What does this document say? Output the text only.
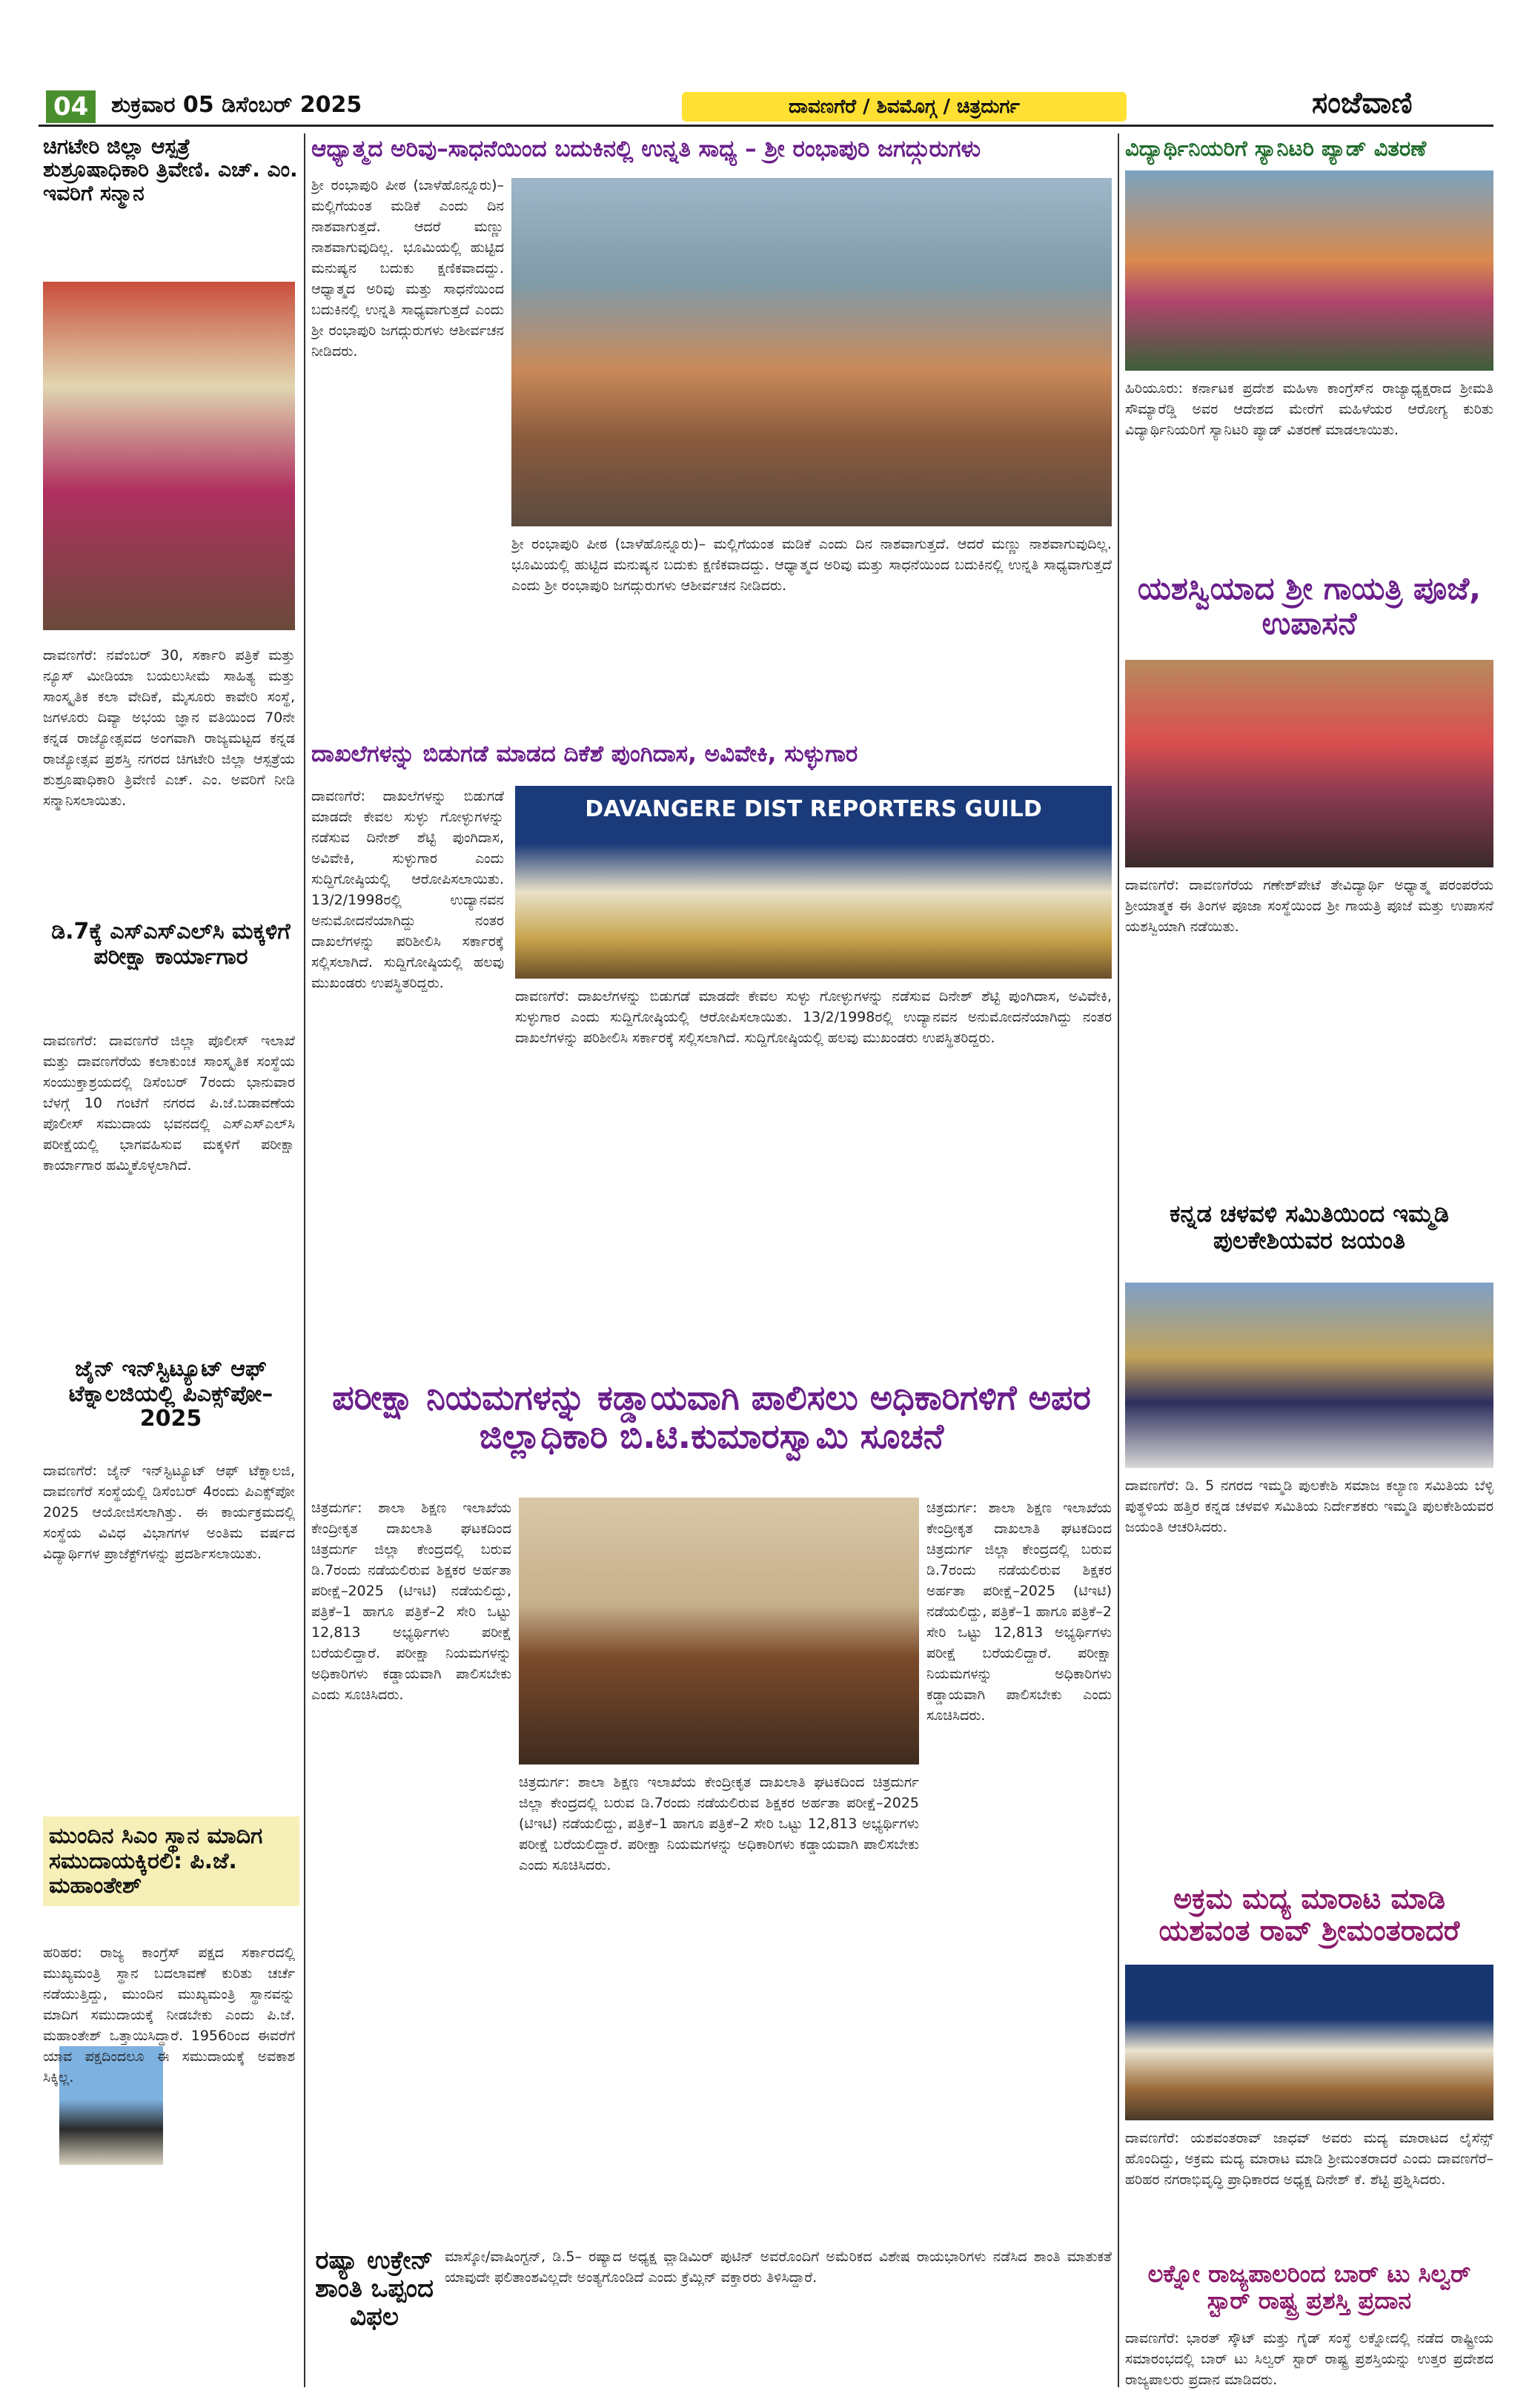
04	ಶುಕ್ರವಾರ 05 ಡಿಸೆಂಬರ್ 2025	ದಾವಣಗೆರೆ / ಶಿವಮೊಗ್ಗ / ಚಿತ್ರದುರ್ಗ	ಸಂಜೆವಾಣಿ
ಚಿಗಟೇರಿ ಜಿಲ್ಲಾ ಆಸ್ಪತ್ರೆ ಶುಶ್ರೂಷಾಧಿಕಾರಿ ತ್ರಿವೇಣಿ. ಎಚ್. ಎಂ. ಇವರಿಗೆ ಸನ್ಮಾನ
ದಾವಣಗೆರೆ: ನವೆಂಬರ್ 30, ಸರ್ಕಾರಿ ಪತ್ರಿಕೆ ಮತ್ತು ನ್ಯೂಸ್ ಮೀಡಿಯಾ ಬಯಲುಸೀಮೆ ಸಾಹಿತ್ಯ ಮತ್ತು ಸಾಂಸ್ಕೃತಿಕ ಕಲಾ ವೇದಿಕೆ, ಮೈಸೂರು ಕಾವೇರಿ ಸಂಸ್ಥೆ, ಜಗಳೂರು ದಿವ್ಯಾ ಅಭಯ ಜ್ಞಾನ ವತಿಯಿಂದ 70ನೇ ಕನ್ನಡ ರಾಜ್ಯೋತ್ಸವದ ಅಂಗವಾಗಿ ರಾಜ್ಯಮಟ್ಟದ ಕನ್ನಡ ರಾಜ್ಯೋತ್ಸವ ಪ್ರಶಸ್ತಿ ನಗರದ ಚಿಗಟೇರಿ ಜಿಲ್ಲಾ ಆಸ್ಪತ್ರೆಯ ಶುಶ್ರೂಷಾಧಿಕಾರಿ ತ್ರಿವೇಣಿ ಎಚ್. ಎಂ. ಅವರಿಗೆ ನೀಡಿ ಸನ್ಮಾನಿಸಲಾಯಿತು.
ಡಿ.7ಕ್ಕೆ ಎಸ್‌ಎಸ್‌ಎಲ್‌ಸಿ ಮಕ್ಕಳಿಗೆ ಪರೀಕ್ಷಾ ಕಾರ್ಯಾಗಾರ
ದಾವಣಗೆರೆ: ದಾವಣಗೆರೆ ಜಿಲ್ಲಾ ಪೊಲೀಸ್ ಇಲಾಖೆ ಮತ್ತು ದಾವಣಗೆರೆಯ ಕಲಾಕುಂಚ ಸಾಂಸ್ಕೃತಿಕ ಸಂಸ್ಥೆಯ ಸಂಯುಕ್ತಾಶ್ರಯದಲ್ಲಿ ಡಿಸೆಂಬರ್ 7ರಂದು ಭಾನುವಾರ ಬೆಳಗ್ಗೆ 10 ಗಂಟೆಗೆ ನಗರದ ಪಿ.ಜೆ.ಬಡಾವಣೆಯ ಪೊಲೀಸ್ ಸಮುದಾಯ ಭವನದಲ್ಲಿ ಎಸ್‌ಎಸ್‌ಎಲ್‌ಸಿ ಪರೀಕ್ಷೆಯಲ್ಲಿ ಭಾಗವಹಿಸುವ ಮಕ್ಕಳಿಗೆ ಪರೀಕ್ಷಾ ಕಾರ್ಯಾಗಾರ ಹಮ್ಮಿಕೊಳ್ಳಲಾಗಿದೆ.
ಜೈನ್ ಇನ್‌ಸ್ಟಿಟ್ಯೂಟ್ ಆಫ್ ಟೆಕ್ನಾಲಜಿಯಲ್ಲಿ ಪಿಎಕ್ಸ್‌ಪೋ–2025
ದಾವಣಗೆರೆ: ಜೈನ್ ಇನ್‌ಸ್ಟಿಟ್ಯೂಟ್ ಆಫ್ ಟೆಕ್ನಾಲಜಿ, ದಾವಣಗೆರೆ ಸಂಸ್ಥೆಯಲ್ಲಿ ಡಿಸೆಂಬರ್ 4ರಂದು ಪಿಎಕ್ಸ್‌ಪೋ 2025 ಆಯೋಜಿಸಲಾಗಿತ್ತು. ಈ ಕಾರ್ಯಕ್ರಮದಲ್ಲಿ ಸಂಸ್ಥೆಯ ವಿವಿಧ ವಿಭಾಗಗಳ ಅಂತಿಮ ವರ್ಷದ ವಿದ್ಯಾರ್ಥಿಗಳ ಪ್ರಾಜೆಕ್ಟ್‌ಗಳನ್ನು ಪ್ರದರ್ಶಿಸಲಾಯಿತು.
ಮುಂದಿನ ಸಿಎಂ ಸ್ಥಾನ ಮಾದಿಗ ಸಮುದಾಯಕ್ಕಿರಲಿ: ಪಿ.ಜೆ. ಮಹಾಂತೇಶ್
ಹರಿಹರ: ರಾಜ್ಯ ಕಾಂಗ್ರೆಸ್ ಪಕ್ಷದ ಸರ್ಕಾರದಲ್ಲಿ ಮುಖ್ಯಮಂತ್ರಿ ಸ್ಥಾನ ಬದಲಾವಣೆ ಕುರಿತು ಚರ್ಚೆ ನಡೆಯುತ್ತಿದ್ದು, ಮುಂದಿನ ಮುಖ್ಯಮಂತ್ರಿ ಸ್ಥಾನವನ್ನು ಮಾದಿಗ ಸಮುದಾಯಕ್ಕೆ ನೀಡಬೇಕು ಎಂದು ಪಿ.ಜೆ. ಮಹಾಂತೇಶ್ ಒತ್ತಾಯಿಸಿದ್ದಾರೆ. 1956ರಿಂದ ಈವರೆಗೆ ಯಾವ ಪಕ್ಷದಿಂದಲೂ ಈ ಸಮುದಾಯಕ್ಕೆ ಅವಕಾಶ ಸಿಕ್ಕಿಲ್ಲ.
ಆಧ್ಯಾತ್ಮದ ಅರಿವು–ಸಾಧನೆಯಿಂದ ಬದುಕಿನಲ್ಲಿ ಉನ್ನತಿ ಸಾಧ್ಯ – ಶ್ರೀ ರಂಭಾಪುರಿ ಜಗದ್ಗುರುಗಳು
ಶ್ರೀ ರಂಭಾಪುರಿ ಪೀಠ (ಬಾಳೆಹೊನ್ನೂರು)– ಮಲ್ಲಿಗೆಯಂತ ಮಡಿಕೆ ಎಂದು ದಿನ ನಾಶವಾಗುತ್ತದೆ. ಆದರೆ ಮಣ್ಣು ನಾಶವಾಗುವುದಿಲ್ಲ. ಭೂಮಿಯಲ್ಲಿ ಹುಟ್ಟಿದ ಮನುಷ್ಯನ ಬದುಕು ಕ್ಷಣಿಕವಾದದ್ದು. ಆಧ್ಯಾತ್ಮದ ಅರಿವು ಮತ್ತು ಸಾಧನೆಯಿಂದ ಬದುಕಿನಲ್ಲಿ ಉನ್ನತಿ ಸಾಧ್ಯವಾಗುತ್ತದೆ ಎಂದು ಶ್ರೀ ರಂಭಾಪುರಿ ಜಗದ್ಗುರುಗಳು ಆಶೀರ್ವಚನ ನೀಡಿದರು.
ಶ್ರೀ ರಂಭಾಪುರಿ ಪೀಠ (ಬಾಳೆಹೊನ್ನೂರು)– ಮಲ್ಲಿಗೆಯಂತ ಮಡಿಕೆ ಎಂದು ದಿನ ನಾಶವಾಗುತ್ತದೆ. ಆದರೆ ಮಣ್ಣು ನಾಶವಾಗುವುದಿಲ್ಲ. ಭೂಮಿಯಲ್ಲಿ ಹುಟ್ಟಿದ ಮನುಷ್ಯನ ಬದುಕು ಕ್ಷಣಿಕವಾದದ್ದು. ಆಧ್ಯಾತ್ಮದ ಅರಿವು ಮತ್ತು ಸಾಧನೆಯಿಂದ ಬದುಕಿನಲ್ಲಿ ಉನ್ನತಿ ಸಾಧ್ಯವಾಗುತ್ತದೆ ಎಂದು ಶ್ರೀ ರಂಭಾಪುರಿ ಜಗದ್ಗುರುಗಳು ಆಶೀರ್ವಚನ ನೀಡಿದರು.
ದಾಖಲೆಗಳನ್ನು ಬಿಡುಗಡೆ ಮಾಡದ ದಿಕೆಶೆ ಪುಂಗಿದಾಸ, ಅವಿವೇಕಿ, ಸುಳ್ಳುಗಾರ
ದಾವಣಗೆರೆ: ದಾಖಲೆಗಳನ್ನು ಬಿಡುಗಡೆ ಮಾಡದೇ ಕೇವಲ ಸುಳ್ಳು ಗೋಳ್ಳುಗಳನ್ನು ನಡೆಸುವ ದಿನೇಶ್ ಶೆಟ್ಟಿ ಪುಂಗಿದಾಸ, ಅವಿವೇಕಿ, ಸುಳ್ಳುಗಾರ ಎಂದು ಸುದ್ದಿಗೋಷ್ಠಿಯಲ್ಲಿ ಆರೋಪಿಸಲಾಯಿತು. 13/2/1998ರಲ್ಲಿ ಉದ್ಯಾನವನ ಅನುಮೋದನೆಯಾಗಿದ್ದು ನಂತರ ದಾಖಲೆಗಳನ್ನು ಪರಿಶೀಲಿಸಿ ಸರ್ಕಾರಕ್ಕೆ ಸಲ್ಲಿಸಲಾಗಿದೆ. ಸುದ್ದಿಗೋಷ್ಠಿಯಲ್ಲಿ ಹಲವು ಮುಖಂಡರು ಉಪಸ್ಥಿತರಿದ್ದರು.
DAVANGERE DIST REPORTERS GUILD
ದಾವಣಗೆರೆ: ದಾಖಲೆಗಳನ್ನು ಬಿಡುಗಡೆ ಮಾಡದೇ ಕೇವಲ ಸುಳ್ಳು ಗೋಳ್ಳುಗಳನ್ನು ನಡೆಸುವ ದಿನೇಶ್ ಶೆಟ್ಟಿ ಪುಂಗಿದಾಸ, ಅವಿವೇಕಿ, ಸುಳ್ಳುಗಾರ ಎಂದು ಸುದ್ದಿಗೋಷ್ಠಿಯಲ್ಲಿ ಆರೋಪಿಸಲಾಯಿತು. 13/2/1998ರಲ್ಲಿ ಉದ್ಯಾನವನ ಅನುಮೋದನೆಯಾಗಿದ್ದು ನಂತರ ದಾಖಲೆಗಳನ್ನು ಪರಿಶೀಲಿಸಿ ಸರ್ಕಾರಕ್ಕೆ ಸಲ್ಲಿಸಲಾಗಿದೆ. ಸುದ್ದಿಗೋಷ್ಠಿಯಲ್ಲಿ ಹಲವು ಮುಖಂಡರು ಉಪಸ್ಥಿತರಿದ್ದರು.
ಪರೀಕ್ಷಾ ನಿಯಮಗಳನ್ನು ಕಡ್ಡಾಯವಾಗಿ ಪಾಲಿಸಲು ಅಧಿಕಾರಿಗಳಿಗೆ ಅಪರ ಜಿಲ್ಲಾಧಿಕಾರಿ ಬಿ.ಟಿ.ಕುಮಾರಸ್ವಾಮಿ ಸೂಚನೆ
ಚಿತ್ರದುರ್ಗ: ಶಾಲಾ ಶಿಕ್ಷಣ ಇಲಾಖೆಯ ಕೇಂದ್ರೀಕೃತ ದಾಖಲಾತಿ ಘಟಕದಿಂದ ಚಿತ್ರದುರ್ಗ ಜಿಲ್ಲಾ ಕೇಂದ್ರದಲ್ಲಿ ಬರುವ ಡಿ.7ರಂದು ನಡೆಯಲಿರುವ ಶಿಕ್ಷಕರ ಅರ್ಹತಾ ಪರೀಕ್ಷೆ–2025 (ಟಿಇಟಿ) ನಡೆಯಲಿದ್ದು, ಪತ್ರಿಕೆ–1 ಹಾಗೂ ಪತ್ರಿಕೆ–2 ಸೇರಿ ಒಟ್ಟು 12,813 ಅಭ್ಯರ್ಥಿಗಳು ಪರೀಕ್ಷೆ ಬರೆಯಲಿದ್ದಾರೆ. ಪರೀಕ್ಷಾ ನಿಯಮಗಳನ್ನು ಅಧಿಕಾರಿಗಳು ಕಡ್ಡಾಯವಾಗಿ ಪಾಲಿಸಬೇಕು ಎಂದು ಸೂಚಿಸಿದರು.
ಚಿತ್ರದುರ್ಗ: ಶಾಲಾ ಶಿಕ್ಷಣ ಇಲಾಖೆಯ ಕೇಂದ್ರೀಕೃತ ದಾಖಲಾತಿ ಘಟಕದಿಂದ ಚಿತ್ರದುರ್ಗ ಜಿಲ್ಲಾ ಕೇಂದ್ರದಲ್ಲಿ ಬರುವ ಡಿ.7ರಂದು ನಡೆಯಲಿರುವ ಶಿಕ್ಷಕರ ಅರ್ಹತಾ ಪರೀಕ್ಷೆ–2025 (ಟಿಇಟಿ) ನಡೆಯಲಿದ್ದು, ಪತ್ರಿಕೆ–1 ಹಾಗೂ ಪತ್ರಿಕೆ–2 ಸೇರಿ ಒಟ್ಟು 12,813 ಅಭ್ಯರ್ಥಿಗಳು ಪರೀಕ್ಷೆ ಬರೆಯಲಿದ್ದಾರೆ. ಪರೀಕ್ಷಾ ನಿಯಮಗಳನ್ನು ಅಧಿಕಾರಿಗಳು ಕಡ್ಡಾಯವಾಗಿ ಪಾಲಿಸಬೇಕು ಎಂದು ಸೂಚಿಸಿದರು.
ಚಿತ್ರದುರ್ಗ: ಶಾಲಾ ಶಿಕ್ಷಣ ಇಲಾಖೆಯ ಕೇಂದ್ರೀಕೃತ ದಾಖಲಾತಿ ಘಟಕದಿಂದ ಚಿತ್ರದುರ್ಗ ಜಿಲ್ಲಾ ಕೇಂದ್ರದಲ್ಲಿ ಬರುವ ಡಿ.7ರಂದು ನಡೆಯಲಿರುವ ಶಿಕ್ಷಕರ ಅರ್ಹತಾ ಪರೀಕ್ಷೆ–2025 (ಟಿಇಟಿ) ನಡೆಯಲಿದ್ದು, ಪತ್ರಿಕೆ–1 ಹಾಗೂ ಪತ್ರಿಕೆ–2 ಸೇರಿ ಒಟ್ಟು 12,813 ಅಭ್ಯರ್ಥಿಗಳು ಪರೀಕ್ಷೆ ಬರೆಯಲಿದ್ದಾರೆ. ಪರೀಕ್ಷಾ ನಿಯಮಗಳನ್ನು ಅಧಿಕಾರಿಗಳು ಕಡ್ಡಾಯವಾಗಿ ಪಾಲಿಸಬೇಕು ಎಂದು ಸೂಚಿಸಿದರು.
ರಷ್ಯಾ ಉಕ್ರೇನ್ ಶಾಂತಿ ಒಪ್ಪಂದ ವಿಫಲ
ಮಾಸ್ಕೋ/ವಾಷಿಂಗ್ಟನ್, ಡಿ.5– ರಷ್ಯಾದ ಅಧ್ಯಕ್ಷ ವ್ಲಾಡಿಮಿರ್ ಪುಟಿನ್ ಅವರೊಂದಿಗೆ ಅಮೆರಿಕದ ವಿಶೇಷ ರಾಯಭಾರಿಗಳು ನಡೆಸಿದ ಶಾಂತಿ ಮಾತುಕತೆ ಯಾವುದೇ ಫಲಿತಾಂಶವಿಲ್ಲದೇ ಅಂತ್ಯಗೊಂಡಿದೆ ಎಂದು ಕ್ರೆಮ್ಲಿನ್ ವಕ್ತಾರರು ತಿಳಿಸಿದ್ದಾರೆ.
ವಿದ್ಯಾರ್ಥಿನಿಯರಿಗೆ ಸ್ಯಾನಿಟರಿ ಪ್ಯಾಡ್ ವಿತರಣೆ
ಹಿರಿಯೂರು: ಕರ್ನಾಟಕ ಪ್ರದೇಶ ಮಹಿಳಾ ಕಾಂಗ್ರೆಸ್‌ನ ರಾಜ್ಯಾಧ್ಯಕ್ಷರಾದ ಶ್ರೀಮತಿ ಸೌಮ್ಯಾರೆಡ್ಡಿ ಅವರ ಆದೇಶದ ಮೇರೆಗೆ ಮಹಿಳೆಯರ ಆರೋಗ್ಯ ಕುರಿತು ವಿದ್ಯಾರ್ಥಿನಿಯರಿಗೆ ಸ್ಯಾನಿಟರಿ ಪ್ಯಾಡ್ ವಿತರಣೆ ಮಾಡಲಾಯಿತು.
ಯಶಸ್ವಿಯಾದ ಶ್ರೀ ಗಾಯತ್ರಿ ಪೂಜೆ, ಉಪಾಸನೆ
ದಾವಣಗೆರೆ: ದಾವಣಗೆರೆಯ ಗಣೇಶ್‌ಪೇಟೆ ತೇವಿದ್ಯಾರ್ಥಿ ಅಧ್ಯಾತ್ಮ ಪರಂಪರೆಯ ಶ್ರೀಯಾತ್ಮಕ ಈ ತಿಂಗಳ ಪೂಜಾ ಸಂಸ್ಥೆಯಿಂದ ಶ್ರೀ ಗಾಯತ್ರಿ ಪೂಜೆ ಮತ್ತು ಉಪಾಸನೆ ಯಶಸ್ವಿಯಾಗಿ ನಡೆಯಿತು.
ಕನ್ನಡ ಚಳವಳಿ ಸಮಿತಿಯಿಂದ ಇಮ್ಮಡಿ ಪುಲಕೇಶಿಯವರ ಜಯಂತಿ
ದಾವಣಗೆರೆ: ಡಿ. 5 ನಗರದ ಇಮ್ಮಡಿ ಪುಲಕೇಶಿ ಸಮಾಜ ಕಲ್ಯಾಣ ಸಮಿತಿಯ ಬೆಳ್ಳಿ ಪುತ್ಥಳಿಯ ಹತ್ತಿರ ಕನ್ನಡ ಚಳವಳಿ ಸಮಿತಿಯ ನಿರ್ದೇಶಕರು ಇಮ್ಮಡಿ ಪುಲಕೇಶಿಯವರ ಜಯಂತಿ ಆಚರಿಸಿದರು.
ಅಕ್ರಮ ಮದ್ಯ ಮಾರಾಟ ಮಾಡಿ ಯಶವಂತ ರಾವ್ ಶ್ರೀಮಂತರಾದರೆ
ದಾವಣಗೆರೆ: ಯಶವಂತರಾವ್ ಜಾಧವ್ ಅವರು ಮದ್ಯ ಮಾರಾಟದ ಲೈಸೆನ್ಸ್ ಹೊಂದಿದ್ದು, ಅಕ್ರಮ ಮದ್ಯ ಮಾರಾಟ ಮಾಡಿ ಶ್ರೀಮಂತರಾದರೆ ಎಂದು ದಾವಣಗೆರೆ–ಹರಿಹರ ನಗರಾಭಿವೃದ್ಧಿ ಪ್ರಾಧಿಕಾರದ ಅಧ್ಯಕ್ಷ ದಿನೇಶ್ ಕೆ. ಶೆಟ್ಟಿ ಪ್ರಶ್ನಿಸಿದರು.
ಲಕ್ನೋ ರಾಜ್ಯಪಾಲರಿಂದ ಬಾರ್ ಟು ಸಿಲ್ವರ್ ಸ್ಟಾರ್ ರಾಷ್ಟ್ರ ಪ್ರಶಸ್ತಿ ಪ್ರದಾನ
ದಾವಣಗೆರೆ: ಭಾರತ್ ಸ್ಕೌಟ್ ಮತ್ತು ಗೈಡ್ ಸಂಸ್ಥೆ ಲಕ್ನೋದಲ್ಲಿ ನಡೆದ ರಾಷ್ಟ್ರೀಯ ಸಮಾರಂಭದಲ್ಲಿ ಬಾರ್ ಟು ಸಿಲ್ವರ್ ಸ್ಟಾರ್ ರಾಷ್ಟ್ರ ಪ್ರಶಸ್ತಿಯನ್ನು ಉತ್ತರ ಪ್ರದೇಶದ ರಾಜ್ಯಪಾಲರು ಪ್ರದಾನ ಮಾಡಿದರು.
